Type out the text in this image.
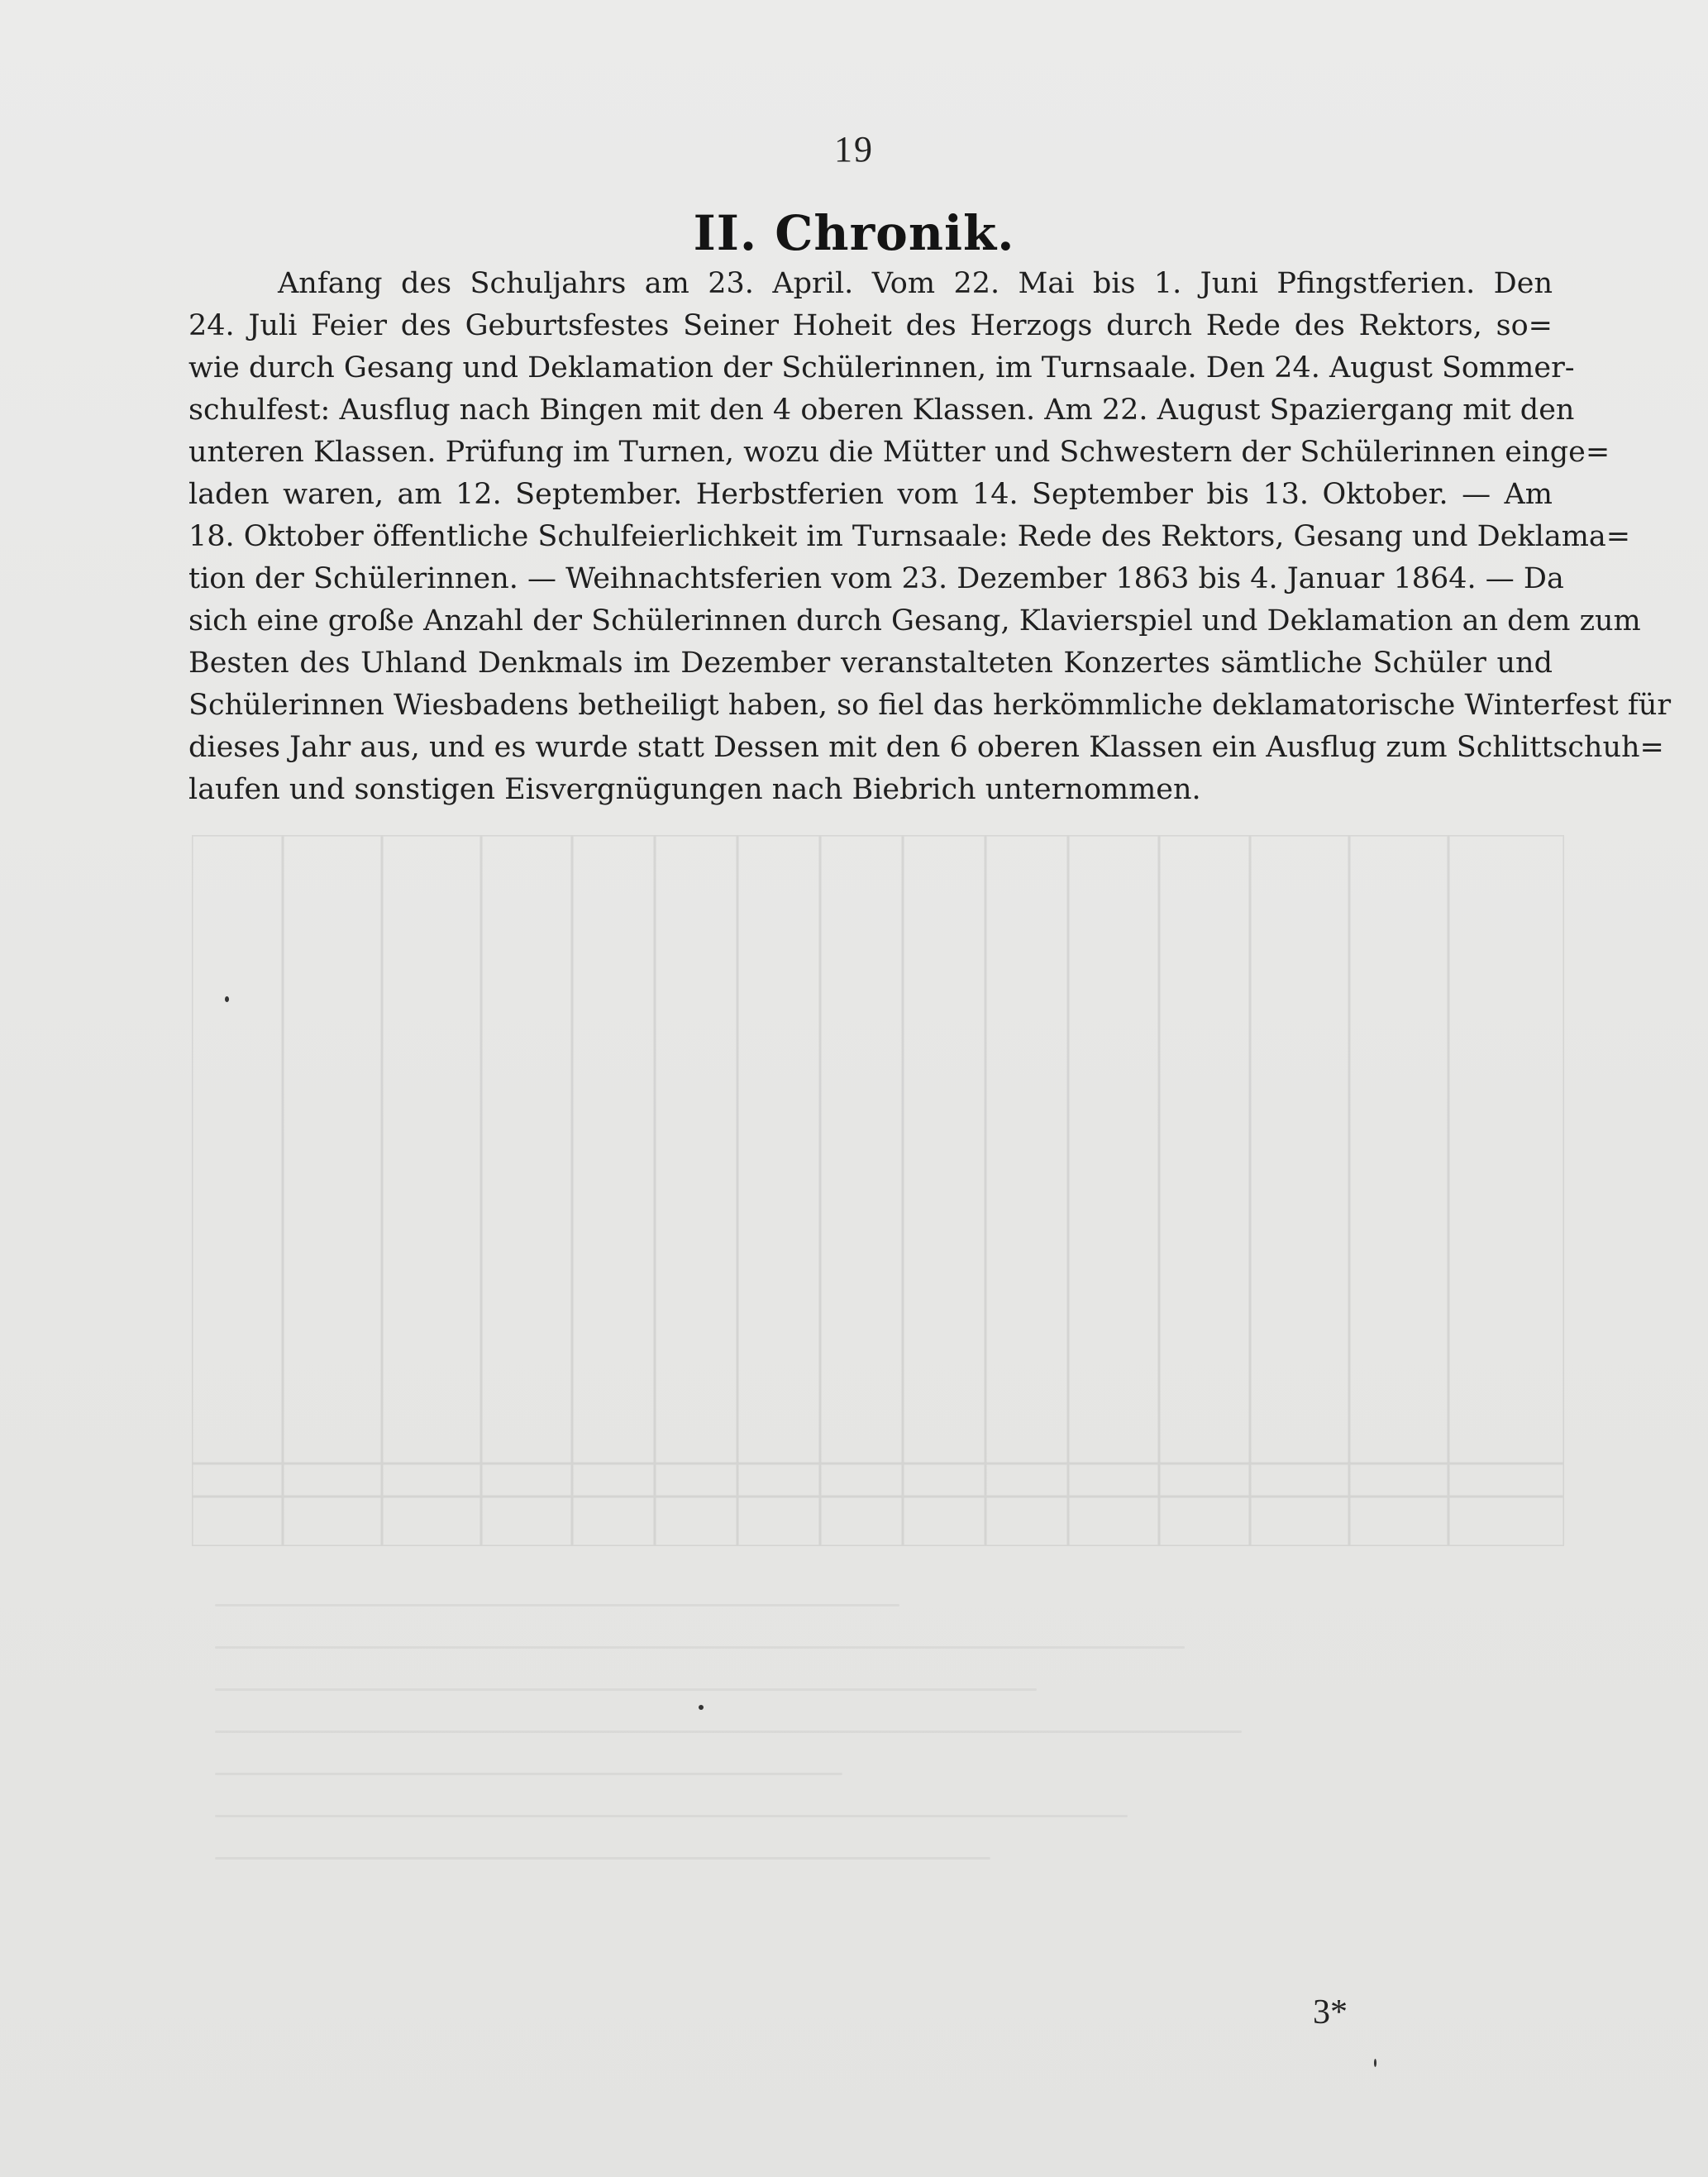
19
II. Chronik.
Anfang des Schuljahrs am 23. April. Vom 22. Mai bis 1. Juni Pfingstferien. Den
24. Juli Feier des Geburtsfestes Seiner Hoheit des Herzogs durch Rede des Rektors, so=
wie durch Gesang und Deklamation der Schülerinnen, im Turnsaale. Den 24. August Sommer-
schulfest: Ausflug nach Bingen mit den 4 oberen Klassen. Am 22. August Spaziergang mit den
unteren Klassen. Prüfung im Turnen, wozu die Mütter und Schwestern der Schülerinnen einge=
laden waren, am 12. September. Herbstferien vom 14. September bis 13. Oktober. — Am
18. Oktober öffentliche Schulfeierlichkeit im Turnsaale: Rede des Rektors, Gesang und Deklama=
tion der Schülerinnen. — Weihnachtsferien vom 23. Dezember 1863 bis 4. Januar 1864. — Da
sich eine große Anzahl der Schülerinnen durch Gesang, Klavierspiel und Deklamation an dem zum
Besten des Uhland Denkmals im Dezember veranstalteten Konzertes sämtliche Schüler und
Schülerinnen Wiesbadens betheiligt haben, so fiel das herkömmliche deklamatorische Winterfest für
dieses Jahr aus, und es wurde statt Dessen mit den 6 oberen Klassen ein Ausflug zum Schlittschuh=
laufen und sonstigen Eisvergnügungen nach Biebrich unternommen.
3*
